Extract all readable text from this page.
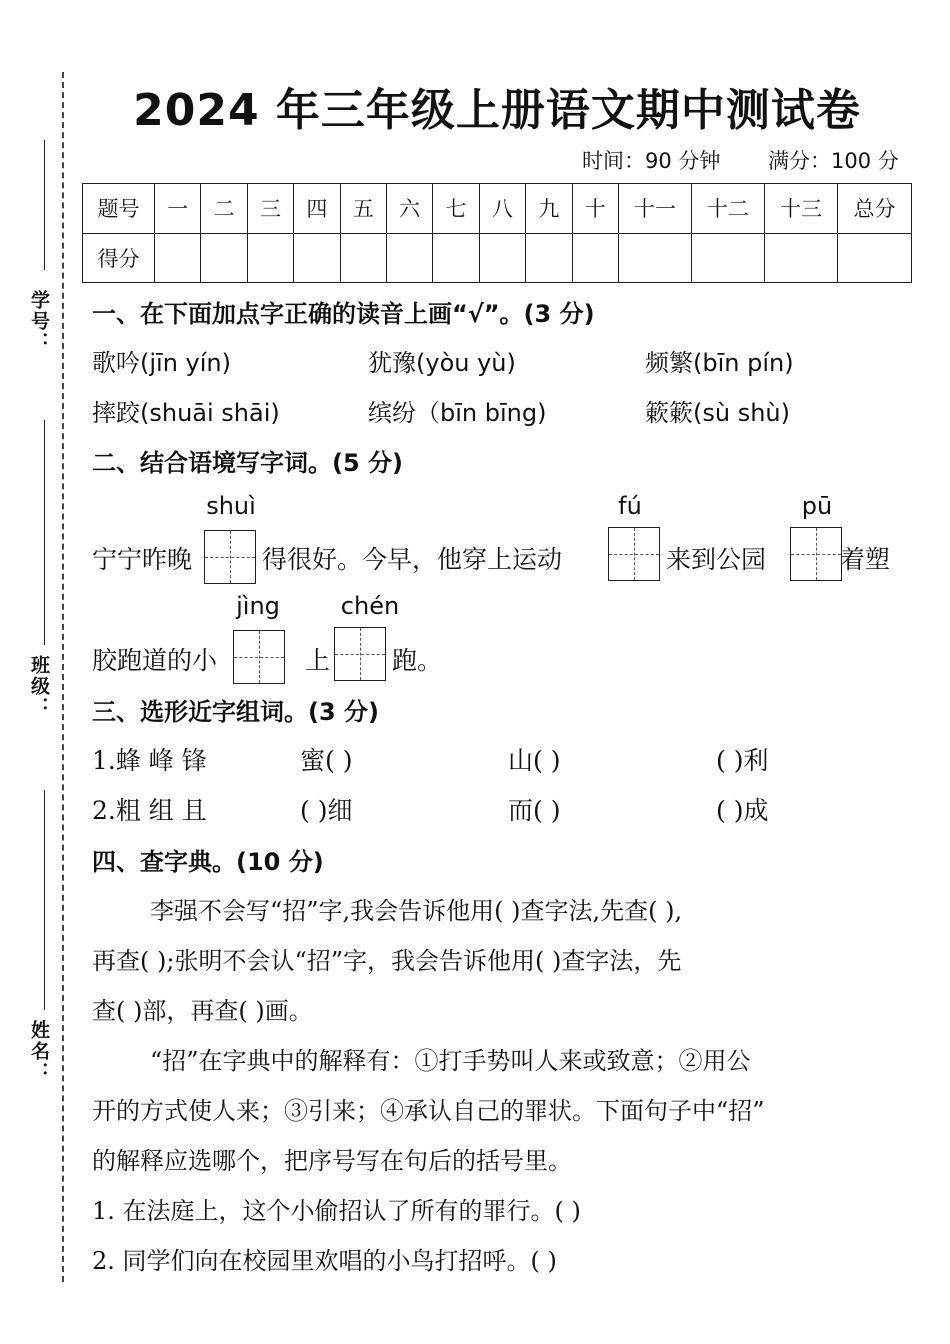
学号：
班级：
姓名：
2024 年三年级上册语文期中测试卷
时间：90 分钟 满分：100 分
题号	一	二	三	四	五	六	七	八	九	十	十一	十二	十三	总分
得分														
一、在下面加点字正确的读音上画“√”。(3 分)
歌吟(jīn yín)	犹豫(yòu yù)	频繁(bīn pín)
摔跤(shuāi shāi)	缤纷（bīn bīng)	簌簌(sù shù)
二、结合语境写字词。(5 分)
shuì	fú	pū
宁宁昨晚	得很好。今早，他穿上运动	来到公园	着塑
jìng	chén
胶跑道的小	上 跑。
三、选形近字组词。(3 分)
1.蜂 峰 锋	蜜( )	山( )	( )利
2.粗 组 且	( )细	而( )	( )成
四、查字典。(10 分)
李强不会写“招”字,我会告诉他用( )查字法,先查( ),
再查( );张明不会认“招”字，我会告诉他用( )查字法，先
查( )部，再查( )画。
“招”在字典中的解释有：①打手势叫人来或致意；②用公
开的方式使人来；③引来；④承认自己的罪状。下面句子中“招”
的解释应选哪个，把序号写在句后的括号里。
1. 在法庭上，这个小偷招认了所有的罪行。( )
2. 同学们向在校园里欢唱的小鸟打招呼。( )
